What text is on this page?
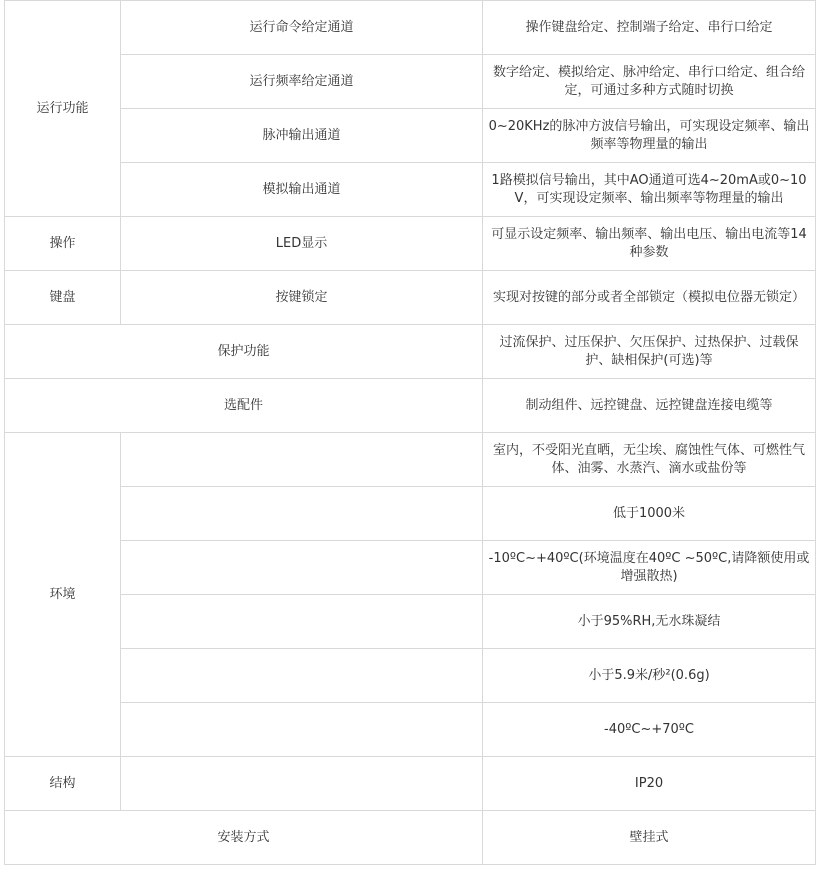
运行功能	运行命令给定通道	操作键盘给定、控制端子给定、串行口给定
	运行频率给定通道	数字给定、模拟给定、脉冲给定、串行口给定、组合给定，可通过多种方式随时切换
	脉冲输出通道	0~20KHz的脉冲方波信号输出，可实现设定频率、输出频率等物理量的输出
	模拟输出通道	1路模拟信号输出，其中AO通道可选4~20mA或0~10V，可实现设定频率、输出频率等物理量的输出
操作	LED显示	可显示设定频率、输出频率、输出电压、输出电流等14种参数
键盘	按键锁定	实现对按键的部分或者全部锁定（模拟电位器无锁定）
保护功能		过流保护、过压保护、欠压保护、过热保护、过载保护、缺相保护(可选)等
选配件		制动组件、远控键盘、远控键盘连接电缆等
环境		室内，不受阳光直晒，无尘埃、腐蚀性气体、可燃性气体、油雾、水蒸汽、滴水或盐份等
		低于1000米
		-10ºC~+40ºC(环境温度在40ºC ~50ºC,请降额使用或增强散热)
		小于95%RH,无水珠凝结
		小于5.9米/秒²(0.6g)
		-40ºC~+70ºC
结构		IP20
安装方式		壁挂式
